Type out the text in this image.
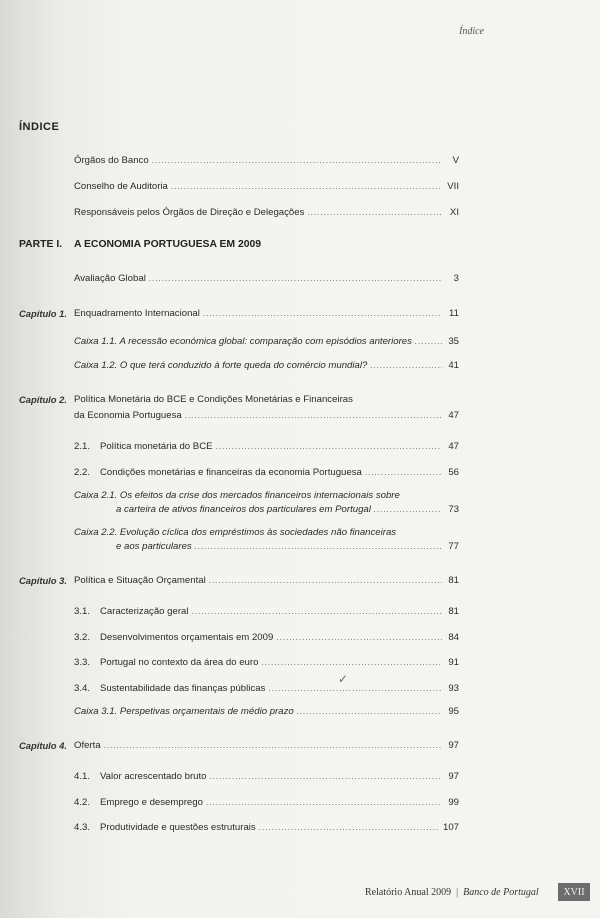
Índice
ÍNDICE
Órgãos do Banco .....	V
Conselho de Auditoria .....	VII
Responsáveis pelos Órgãos de Direção e Delegações .....	XI
PARTE I. A ECONOMIA PORTUGUESA EM 2009
Avaliação Global .....	3
Capítulo 1. Enquadramento Internacional .....	11
Caixa 1.1. A recessão económica global: comparação com episódios anteriores .....	35
Caixa 1.2. O que terá conduzido à forte queda do comércio mundial? .....	41
Capítulo 2. Política Monetária do BCE e Condições Monetárias e Financeiras
da Economia Portuguesa .....	47
2.1. Política monetária do BCE .....	47
2.2. Condições monetárias e financeiras da economia Portuguesa .....	56
Caixa 2.1. Os efeitos da crise dos mercados financeiros internacionais sobre
a carteira de ativos financeiros dos particulares em Portugal .....	73
Caixa 2.2. Evolução cíclica dos empréstimos às sociedades não financeiras
e aos particulares .....	77
Capítulo 3. Política e Situação Orçamental .....	81
3.1. Caracterização geral .....	81
3.2. Desenvolvimentos orçamentais em 2009 .....	84
3.3. Portugal no contexto da área do euro .....	91
3.4. Sustentabilidade das finanças públicas .....	93
Caixa 3.1. Perspetivas orçamentais de médio prazo .....	95
Capítulo 4. Oferta .....	97
4.1. Valor acrescentado bruto .....	97
4.2. Emprego e desemprego .....	99
4.3. Produtividade e questões estruturais .....	107
✓
Relatório Anual 2009 | Banco de Portugal XVII
